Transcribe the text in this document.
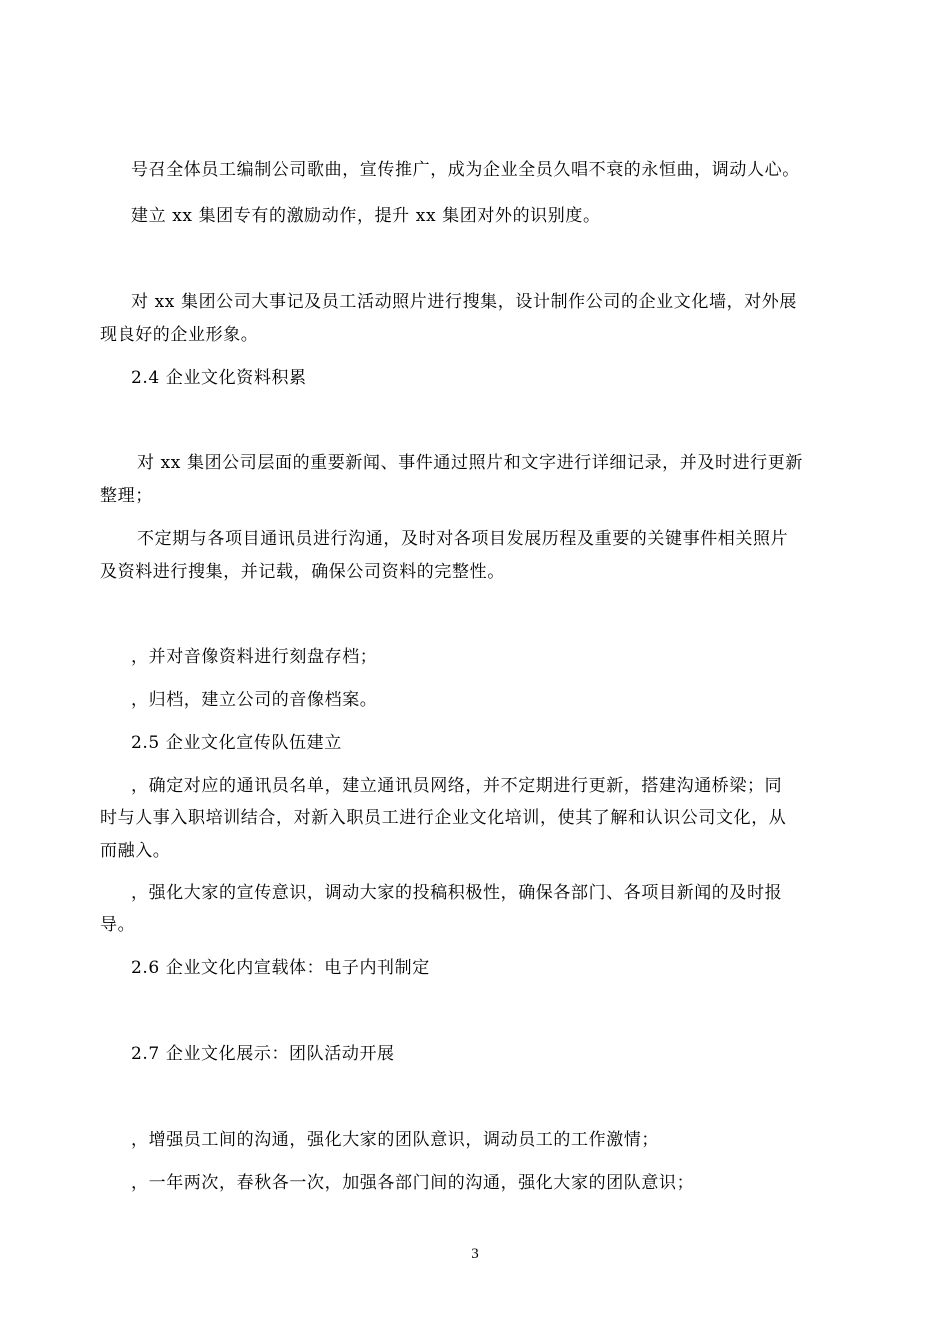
号召全体员工编制公司歌曲，宣传推广，成为企业全员久唱不衰的永恒曲，调动人心。
建立 xx 集团专有的激励动作，提升 xx 集团对外的识别度。
对 xx 集团公司大事记及员工活动照片进行搜集，设计制作公司的企业文化墙，对外展
现良好的企业形象。
2.4 企业文化资料积累
对 xx 集团公司层面的重要新闻、事件通过照片和文字进行详细记录，并及时进行更新
整理；
不定期与各项目通讯员进行沟通，及时对各项目发展历程及重要的关键事件相关照片
及资料进行搜集，并记载，确保公司资料的完整性。
，并对音像资料进行刻盘存档；
，归档，建立公司的音像档案。
2.5 企业文化宣传队伍建立
，确定对应的通讯员名单，建立通讯员网络，并不定期进行更新，搭建沟通桥梁；同
时与人事入职培训结合，对新入职员工进行企业文化培训，使其了解和认识公司文化，从
而融入。
，强化大家的宣传意识，调动大家的投稿积极性，确保各部门、各项目新闻的及时报
导。
2.6 企业文化内宣载体：电子内刊制定
2.7 企业文化展示：团队活动开展
，增强员工间的沟通，强化大家的团队意识，调动员工的工作激情；
，一年两次，春秋各一次，加强各部门间的沟通，强化大家的团队意识；
3
